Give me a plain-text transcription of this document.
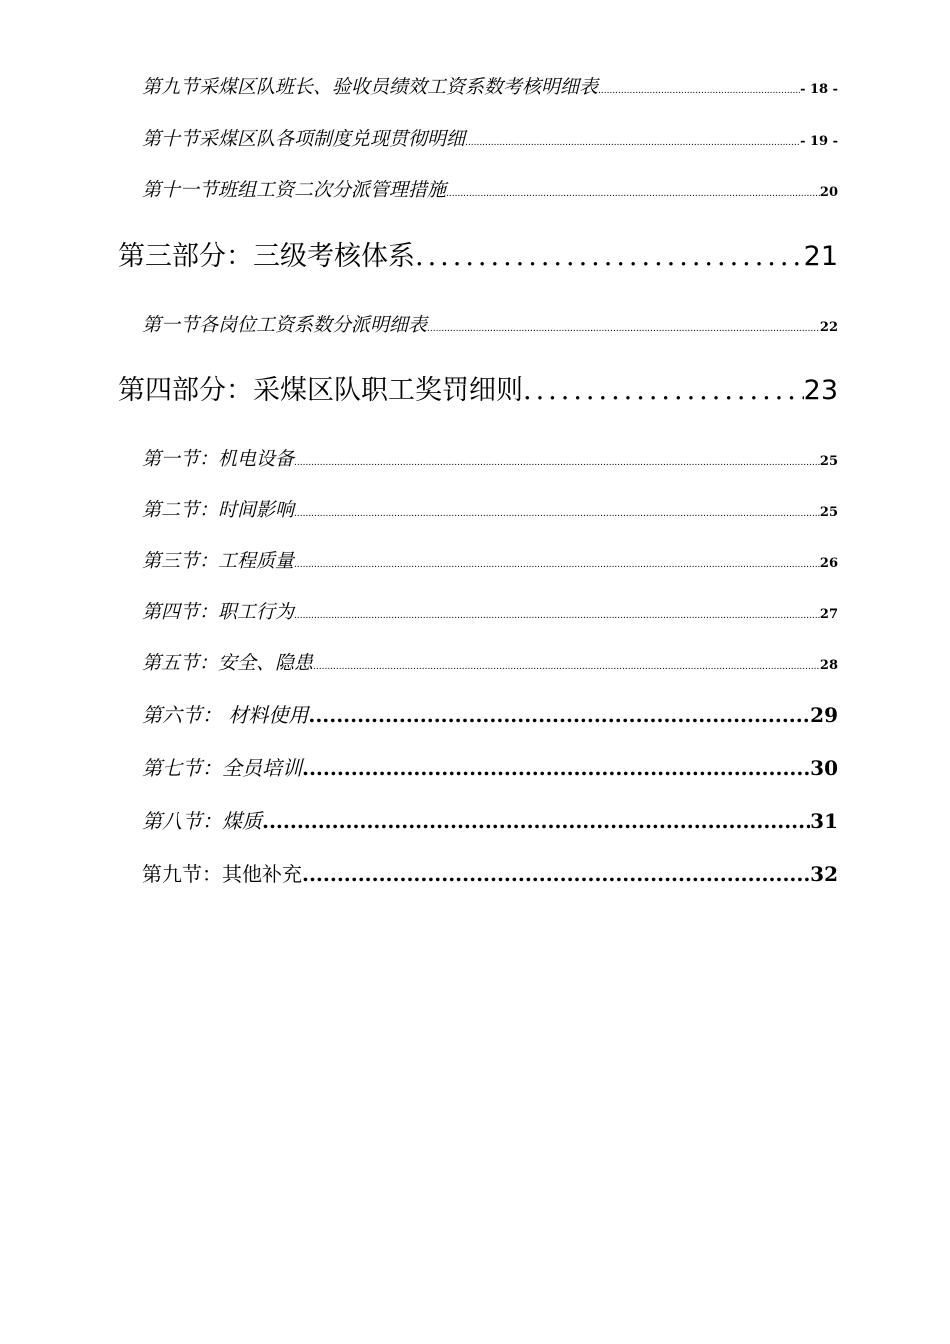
第九节采煤区队班长、验收员绩效工资系数考核明细表 .....	- 18 -
第十节采煤区队各项制度兑现贯彻明细 .....	- 19 -
第十一节班组工资二次分派管理措施 .....	20
第三部分：三级考核体系 .....	21
第一节各岗位工资系数分派明细表 .....	22
第四部分：采煤区队职工奖罚细则 .....	23
第一节：机电设备 .....	25
第二节：时间影响 .....	25
第三节：工程质量 .....	26
第四节：职工行为 .....	27
第五节：安全、隐患 .....	28
第六节： 材料使用 .....	29
第七节：全员培训 .....	30
第八节：煤质 .....	31
第九节：其他补充 .....	32
